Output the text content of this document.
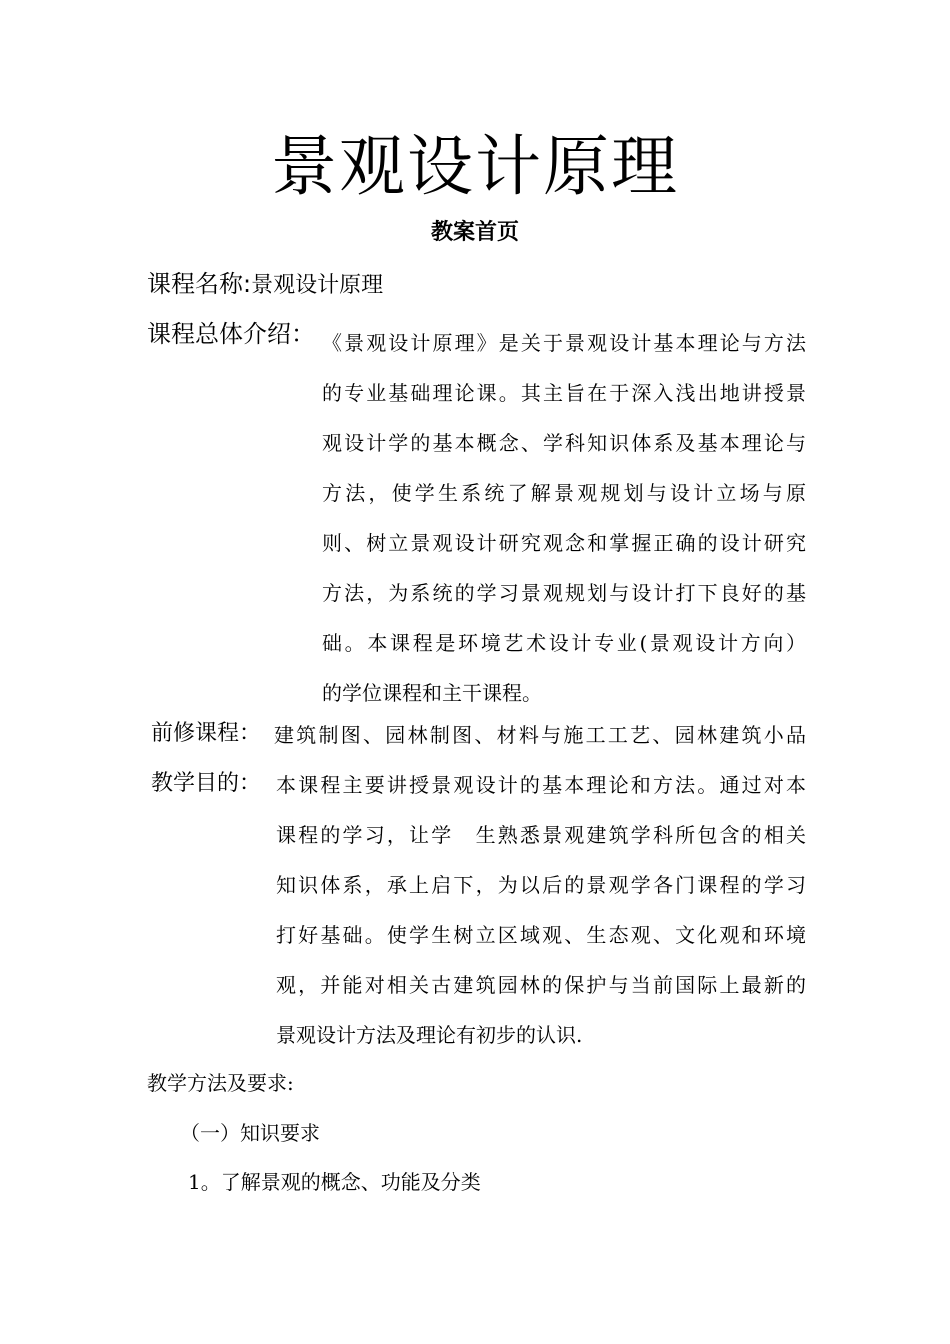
景观设计原理
教案首页
课程名称:景观设计原理
课程总体介绍： 《景观设计原理》是关于景观设计基本理论与方法
的专业基础理论课。其主旨在于深入浅出地讲授景
观设计学的基本概念、学科知识体系及基本理论与
方法，使学生系统了解景观规划与设计立场与原
则、树立景观设计研究观念和掌握正确的设计研究
方法，为系统的学习景观规划与设计打下良好的基
础。本课程是环境艺术设计专业(景观设计方向）
的学位课程和主干课程。
前修课程： 建筑制图、园林制图、材料与施工工艺、园林建筑小品
教学目的： 本课程主要讲授景观设计的基本理论和方法。通过对本
课程的学习，让学　生熟悉景观建筑学科所包含的相关
知识体系，承上启下，为以后的景观学各门课程的学习
打好基础。使学生树立区域观、生态观、文化观和环境
观，并能对相关古建筑园林的保护与当前国际上最新的
景观设计方法及理论有初步的认识.
教学方法及要求:
（一）知识要求
1。了解景观的概念、功能及分类
